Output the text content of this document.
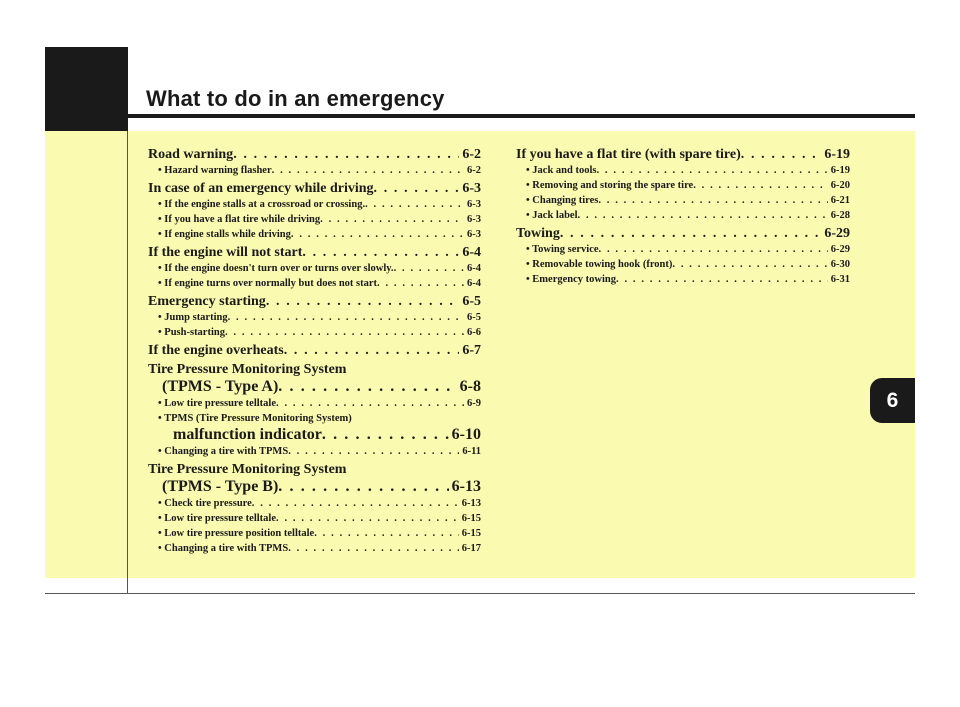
What to do in an emergency
6
Road warning . . .	6-2
• Hazard warning flasher . . .	6-2
In case of an emergency while driving . . .	6-3
• If the engine stalls at a crossroad or crossing. . . .	6-3
• If you have a flat tire while driving . . .	6-3
• If engine stalls while driving . . .	6-3
If the engine will not start . . .	6-4
• If the engine doesn't turn over or turns over slowly. . . .	6-4
• If engine turns over normally but does not start . . .	6-4
Emergency starting . . .	6-5
• Jump starting . . .	6-5
• Push-starting . . .	6-6
If the engine overheats . . .	6-7
Tire Pressure Monitoring System
(TPMS - Type A) . . .	6-8
• Low tire pressure telltale . . .	6-9
• TPMS (Tire Pressure Monitoring System)
malfunction indicator . . .	6-10
• Changing a tire with TPMS . . .	6-11
Tire Pressure Monitoring System
(TPMS - Type B) . . .	6-13
• Check tire pressure . . .	6-13
• Low tire pressure telltale . . .	6-15
• Low tire pressure position telltale . . .	6-15
• Changing a tire with TPMS . . .	6-17
If you have a flat tire (with spare tire) . . .	6-19
• Jack and tools . . .	6-19
• Removing and storing the spare tire . . .	6-20
• Changing tires . . .	6-21
• Jack label . . .	6-28
Towing . . .	6-29
• Towing service . . .	6-29
• Removable towing hook (front) . . .	6-30
• Emergency towing . . .	6-31
